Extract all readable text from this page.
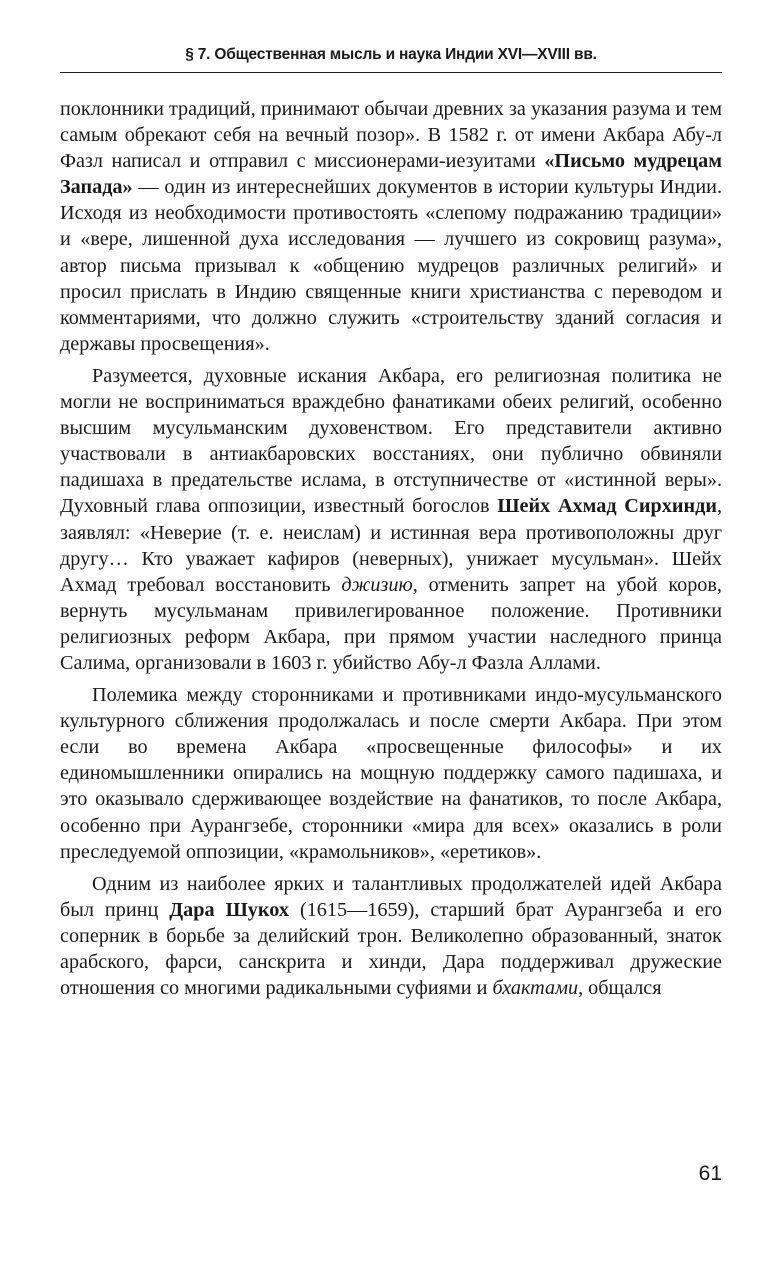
§ 7. Общественная мысль и наука Индии XVI—XVIII вв.

поклонники традиций, принимают обычаи древних за указания разума и тем самым обрекают себя на вечный позор». В 1582 г. от имени Акбара Абу-л Фазл написал и отправил с миссионерами-иезуитами «Письмо мудрецам Запада» — один из интереснейших документов в истории культуры Индии. Исходя из необходимости противостоять «слепому подражанию традиции» и «вере, лишенной духа исследования — лучшего из сокровищ разума», автор письма призывал к «общению мудрецов различных религий» и просил прислать в Индию священные книги христианства с переводом и комментариями, что должно служить «строительству зданий согласия и державы просвещения».

Разумеется, духовные искания Акбара, его религиозная политика не могли не восприниматься враждебно фанатиками обеих религий, особенно высшим мусульманским духовенством. Его представители активно участвовали в антиакбаровских восстаниях, они публично обвиняли падишаха в предательстве ислама, в отступничестве от «истинной веры». Духовный глава оппозиции, известный богослов Шейх Ахмад Сирхинди, заявлял: «Неверие (т. е. неислам) и истинная вера противоположны друг другу… Кто уважает кафиров (неверных), унижает мусульман». Шейх Ахмад требовал восстановить джизию, отменить запрет на убой коров, вернуть мусульманам привилегированное положение. Противники религиозных реформ Акбара, при прямом участии наследного принца Салима, организовали в 1603 г. убийство Абу-л Фазла Аллами.

Полемика между сторонниками и противниками индо-мусульманского культурного сближения продолжалась и после смерти Акбара. При этом если во времена Акбара «просвещенные философы» и их единомышленники опирались на мощную поддержку самого падишаха, и это оказывало сдерживающее воздействие на фанатиков, то после Акбара, особенно при Аурангзебе, сторонники «мира для всех» оказались в роли преследуемой оппозиции, «крамольников», «еретиков».

Одним из наиболее ярких и талантливых продолжателей идей Акбара был принц Дара Шукох (1615—1659), старший брат Аурангзеба и его соперник в борьбе за делийский трон. Великолепно образованный, знаток арабского, фарси, санскрита и хинди, Дара поддерживал дружеские отношения со многими радикальными суфиями и бхактами, общался

61
